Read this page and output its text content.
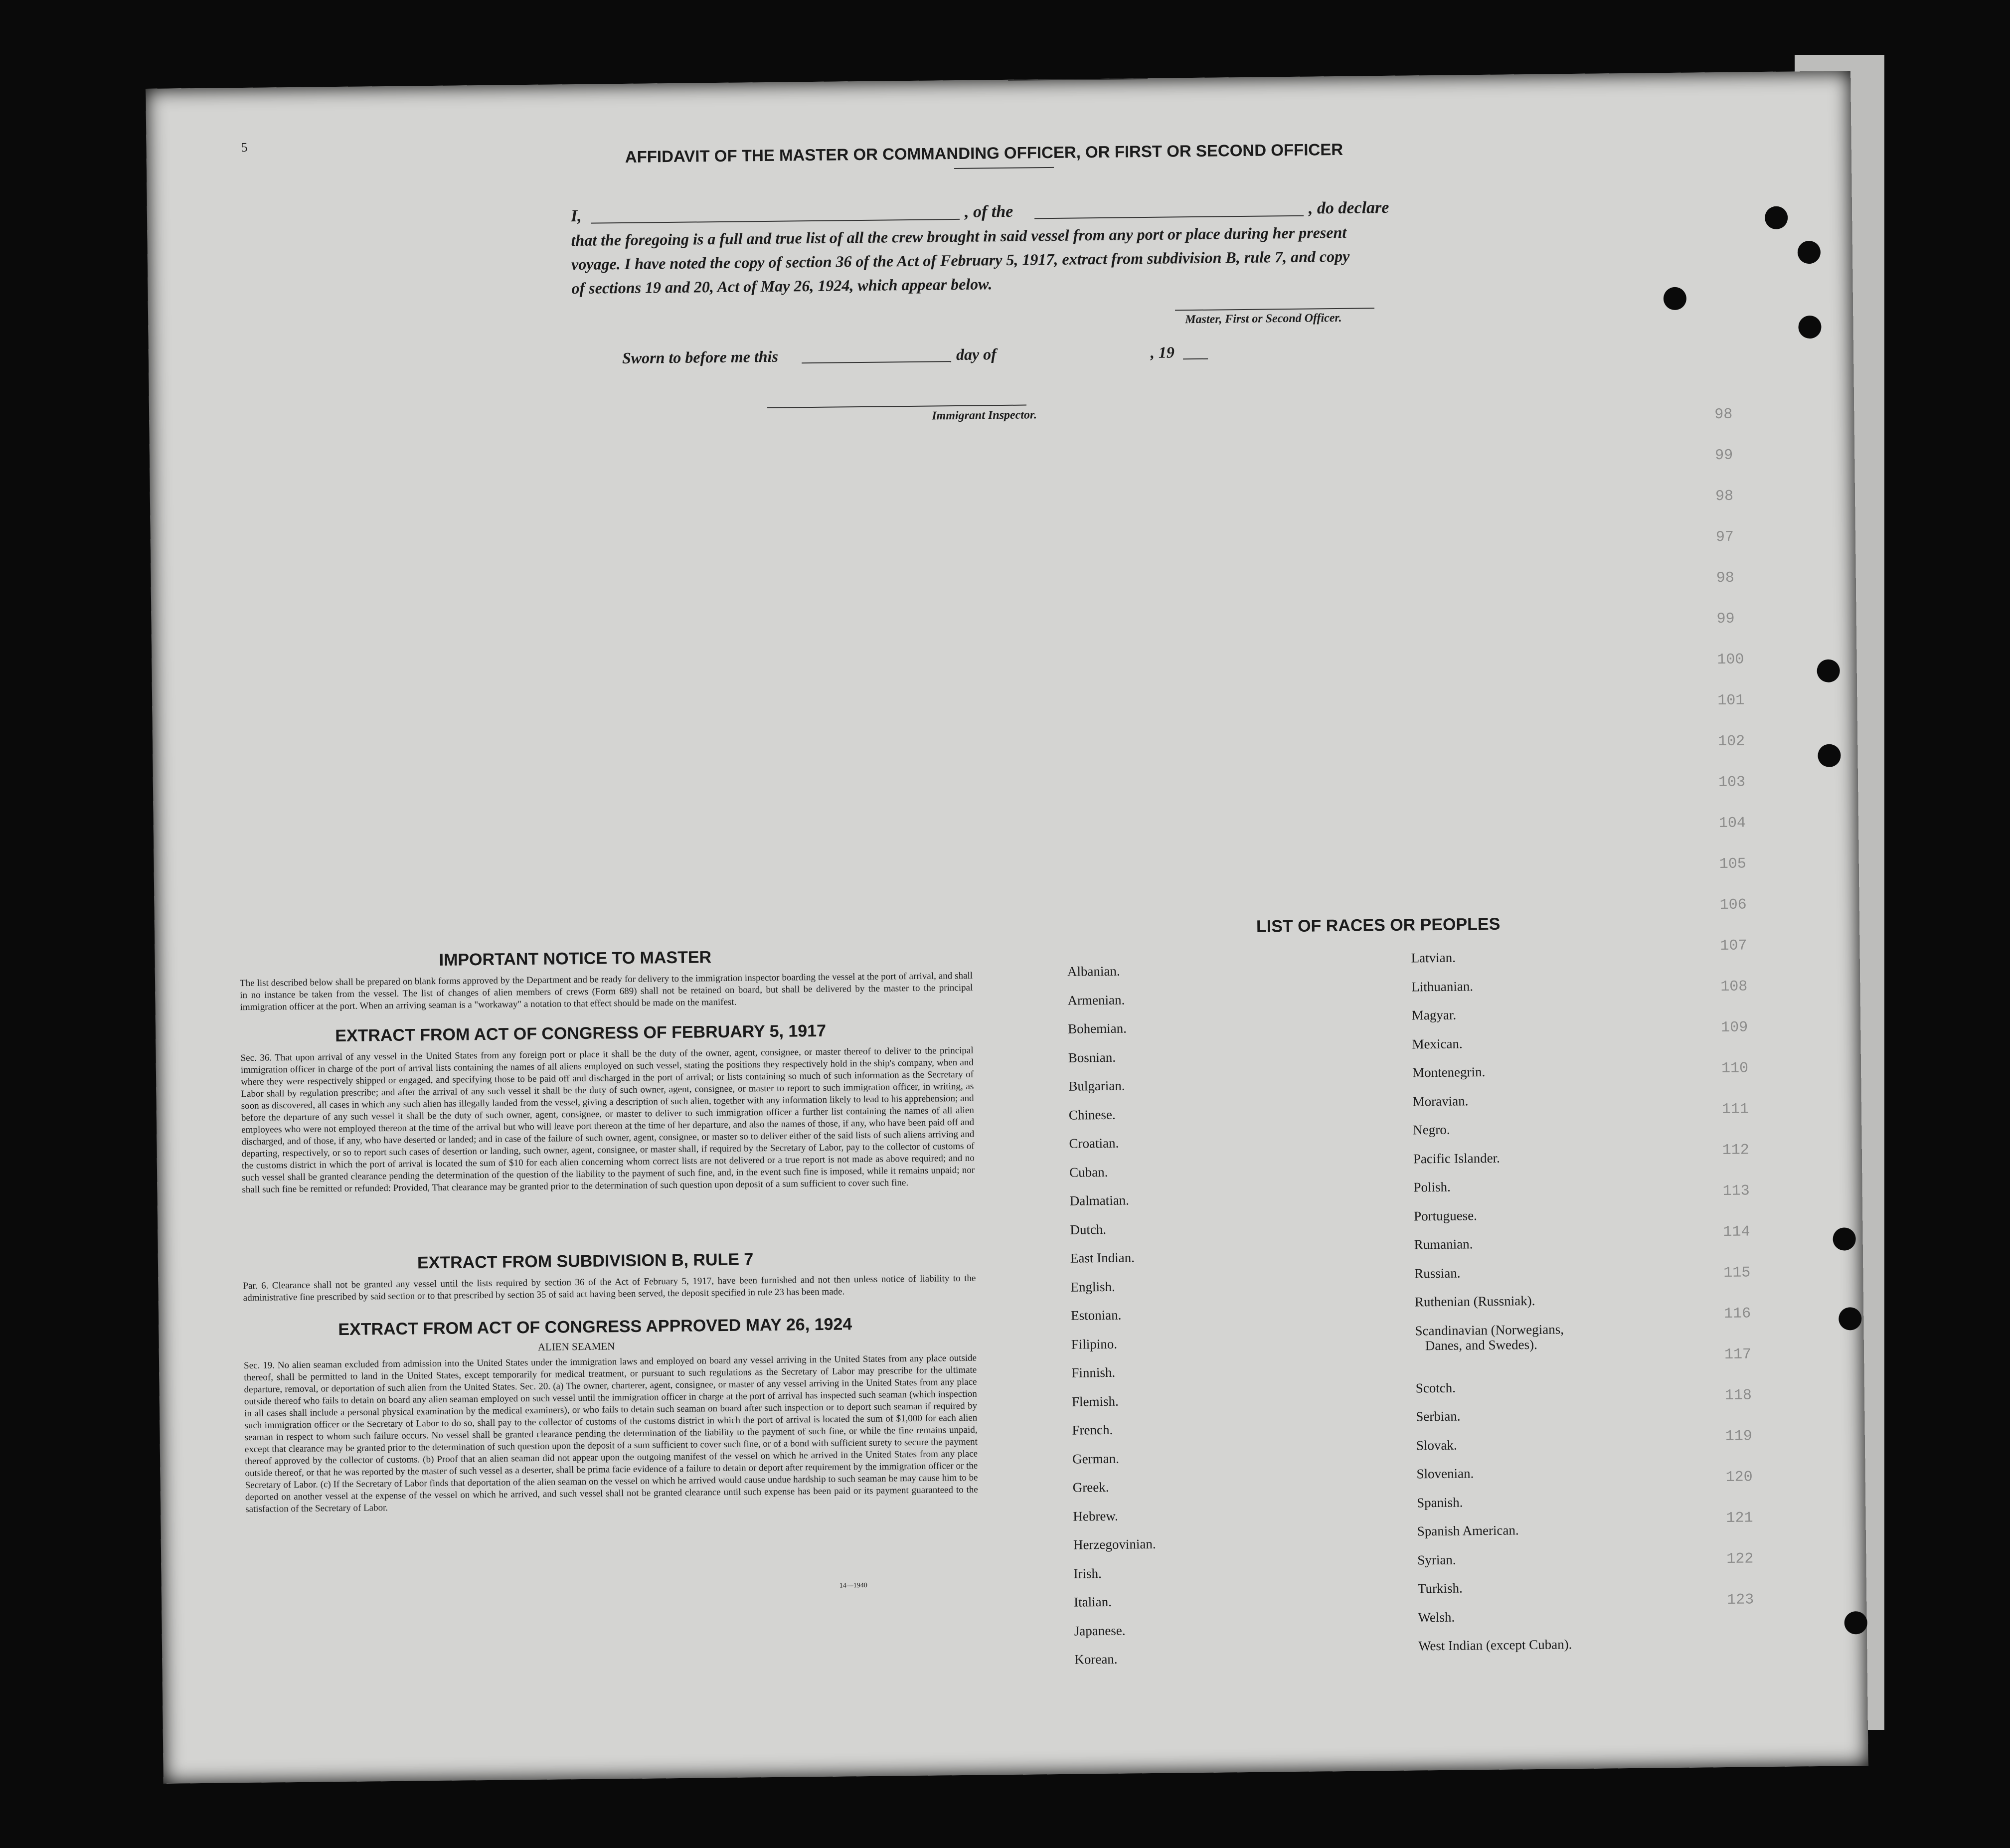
5	AFFIDAVIT OF THE MASTER OR COMMANDING OFFICER, OR FIRST OR SECOND OFFICER
I,	, of the	, do declare
that the foregoing is a full and true list of all the crew brought in said vessel from any port or place during her present
voyage. I have noted the copy of section 36 of the Act of February 5, 1917, extract from subdivision B, rule 7, and copy
of sections 19 and 20, Act of May 26, 1924, which appear below.
Master, First or Second Officer.
Sworn to before me this	day of	, 19
Immigrant Inspector.	98
99
98
97
98
99
100
101
102
103
104
105
106
107
108
109
110
111
112
113
114
115
116
117
118
119
120
121
122
123
IMPORTANT NOTICE TO MASTER
The list described below shall be prepared on blank forms approved by the Department and be ready for delivery to the immigration inspector boarding the vessel at the port of arrival, and shall in no instance be taken from the vessel. The list of changes of alien members of crews (Form 689) shall not be retained on board, but shall be delivered by the master to the principal immigration officer at the port. When an arriving seaman is a "workaway" a notation to that effect should be made on the manifest.
EXTRACT FROM ACT OF CONGRESS OF FEBRUARY 5, 1917
Sec. 36. That upon arrival of any vessel in the United States from any foreign port or place it shall be the duty of the owner, agent, consignee, or master thereof to deliver to the principal immigration officer in charge of the port of arrival lists containing the names of all aliens employed on such vessel, stating the positions they respectively hold in the ship's company, when and where they were respectively shipped or engaged, and specifying those to be paid off and discharged in the port of arrival; or lists containing so much of such information as the Secretary of Labor shall by regulation prescribe; and after the arrival of any such vessel it shall be the duty of such owner, agent, consignee, or master to report to such immigration officer, in writing, as soon as discovered, all cases in which any such alien has illegally landed from the vessel, giving a description of such alien, together with any information likely to lead to his apprehension; and before the departure of any such vessel it shall be the duty of such owner, agent, consignee, or master to deliver to such immigration officer a further list containing the names of all alien employees who were not employed thereon at the time of the arrival but who will leave port thereon at the time of her departure, and also the names of those, if any, who have been paid off and discharged, and of those, if any, who have deserted or landed; and in case of the failure of such owner, agent, consignee, or master so to deliver either of the said lists of such aliens arriving and departing, respectively, or so to report such cases of desertion or landing, such owner, agent, consignee, or master shall, if required by the Secretary of Labor, pay to the collector of customs of the customs district in which the port of arrival is located the sum of $10 for each alien concerning whom correct lists are not delivered or a true report is not made as above required; and no such vessel shall be granted clearance pending the determination of the question of the liability to the payment of such fine, and, in the event such fine is imposed, while it remains unpaid; nor shall such fine be remitted or refunded: Provided, That clearance may be granted prior to the determination of such question upon deposit of a sum sufficient to cover such fine.
EXTRACT FROM SUBDIVISION B, RULE 7
Par. 6. Clearance shall not be granted any vessel until the lists required by section 36 of the Act of February 5, 1917, have been furnished and not then unless notice of liability to the administrative fine prescribed by said section or to that prescribed by section 35 of said act having been served, the deposit specified in rule 23 has been made.
EXTRACT FROM ACT OF CONGRESS APPROVED MAY 26, 1924
ALIEN SEAMEN
Sec. 19. No alien seaman excluded from admission into the United States under the immigration laws and employed on board any vessel arriving in the United States from any place outside thereof, shall be permitted to land in the United States, except temporarily for medical treatment, or pursuant to such regulations as the Secretary of Labor may prescribe for the ultimate departure, removal, or deportation of such alien from the United States. Sec. 20. (a) The owner, charterer, agent, consignee, or master of any vessel arriving in the United States from any place outside thereof who fails to detain on board any alien seaman employed on such vessel until the immigration officer in charge at the port of arrival has inspected such seaman (which inspection in all cases shall include a personal physical examination by the medical examiners), or who fails to detain such seaman on board after such inspection or to deport such seaman if required by such immigration officer or the Secretary of Labor to do so, shall pay to the collector of customs of the customs district in which the port of arrival is located the sum of $1,000 for each alien seaman in respect to whom such failure occurs. No vessel shall be granted clearance pending the determination of the liability to the payment of such fine, or while the fine remains unpaid, except that clearance may be granted prior to the determination of such question upon the deposit of a sum sufficient to cover such fine, or of a bond with sufficient surety to secure the payment thereof approved by the collector of customs. (b) Proof that an alien seaman did not appear upon the outgoing manifest of the vessel on which he arrived in the United States from any place outside thereof, or that he was reported by the master of such vessel as a deserter, shall be prima facie evidence of a failure to detain or deport after requirement by the immigration officer or the Secretary of Labor. (c) If the Secretary of Labor finds that deportation of the alien seaman on the vessel on which he arrived would cause undue hardship to such seaman he may cause him to be deported on another vessel at the expense of the vessel on which he arrived, and such vessel shall not be granted clearance until such expense has been paid or its payment guaranteed to the satisfaction of the Secretary of Labor.
14—1940
LIST OF RACES OR PEOPLES
Albanian.
Armenian.
Bohemian.
Bosnian.
Bulgarian.
Chinese.
Croatian.
Cuban.
Dalmatian.
Dutch.
East Indian.
English.
Estonian.
Filipino.
Finnish.
Flemish.
French.
German.
Greek.
Hebrew.
Herzegovinian.
Irish.
Italian.
Japanese.
Korean.
Latvian.
Lithuanian.
Magyar.
Mexican.
Montenegrin.
Moravian.
Negro.
Pacific Islander.
Polish.
Portuguese.
Rumanian.
Russian.
Ruthenian (Russniak).
Scandinavian (Norwegians,
Danes, and Swedes).
Scotch.
Serbian.
Slovak.
Slovenian.
Spanish.
Spanish American.
Syrian.
Turkish.
Welsh.
West Indian (except Cuban).
